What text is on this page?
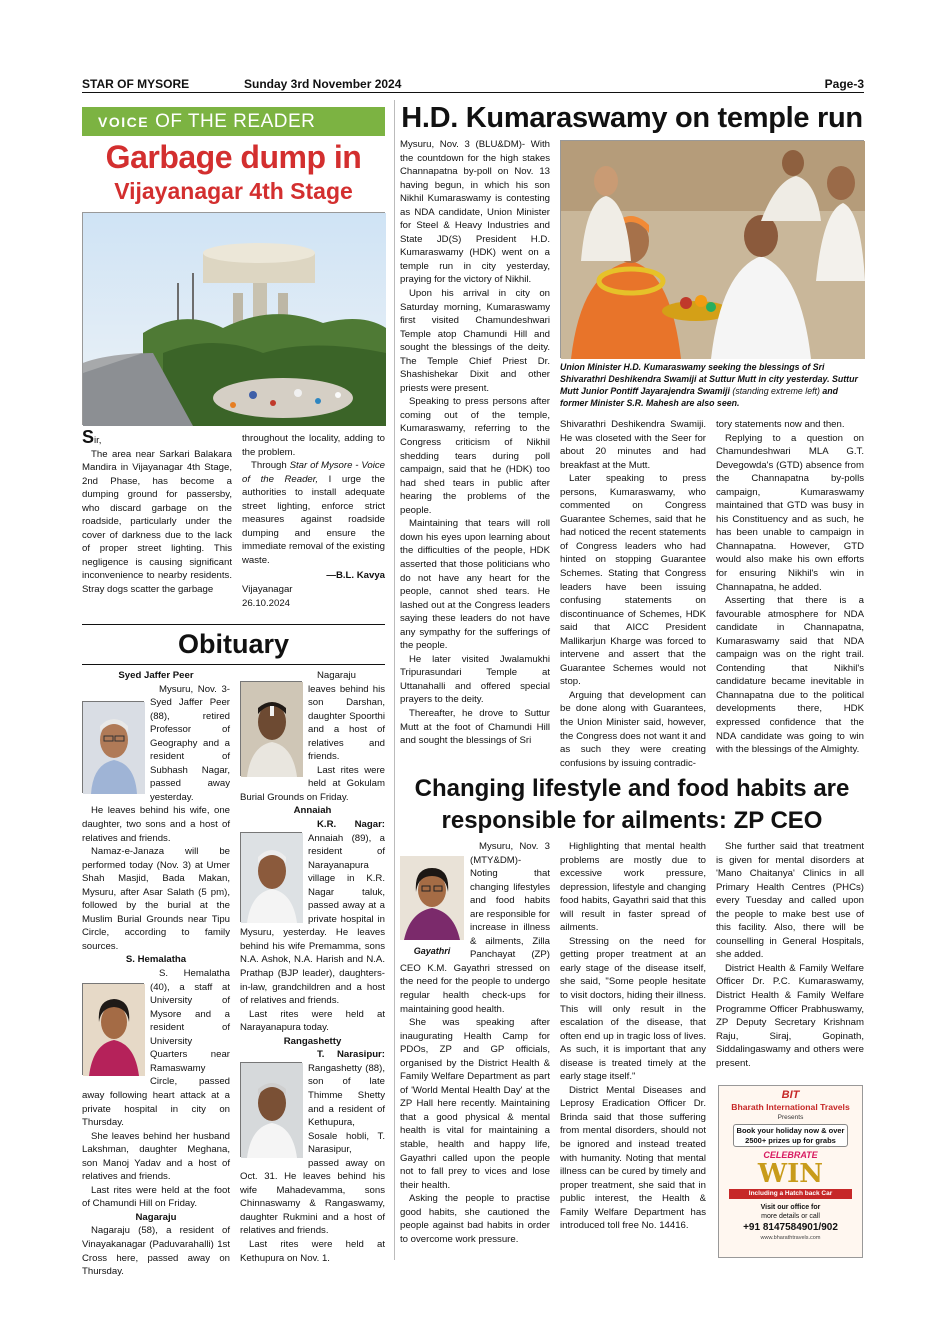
STAR OF MYSORE	Sunday 3rd November 2024	Page-3
VOICE OF THE READER
Garbage dump in
Vijayanagar 4th Stage

Sir,

The area near Sarkari Balakara Mandira in Vijayanagar 4th Stage, 2nd Phase, has become a dumping ground for passersby, who discard garbage on the roadside, particularly under the cover of darkness due to the lack of proper street lighting. This negligence is causing significant inconvenience to nearby residents. Stray dogs scatter the garbage

throughout the locality, adding to the problem.

Through Star of Mysore - Voice of the Reader, I urge the authorities to install adequate street lighting, enforce strict measures against roadside dumping and ensure the immediate removal of the existing waste.

—B.L. Kavya

Vijayanagar

26.10.2024

Obituary

Syed Jaffer Peer

Mysuru, Nov. 3- Syed Jaffer Peer (88), retired Professor of Geography and a resident of Subhash Nagar, passed away yesterday.

He leaves behind his wife, one daughter, two sons and a host of relatives and friends.

Namaz-e-Janaza will be performed today (Nov. 3) at Umer Shah Masjid, Bada Makan, Mysuru, after Asar Salath (5 pm), followed by the burial at the Muslim Burial Grounds near Tipu Circle, according to family sources.

S. Hemalatha

S. Hemalatha (40), a staff at University of Mysore and a resident of University Quarters near Ramaswamy Circle, passed away following heart attack at a private hospital in city on Thursday.

She leaves behind her husband Lakshman, daughter Meghana, son Manoj Yadav and a host of relatives and friends.

Last rites were held at the foot of Chamundi Hill on Friday.

Nagaraju

Nagaraju (58), a resident of Vinayakanagar (Paduvarahalli) 1st Cross here, passed away on Thursday.

Nagaraju leaves behind his son Darshan, daughter Spoorthi and a host of relatives and friends.

Last rites were held at Gokulam Burial Grounds on Friday.

Annaiah

K.R. Nagar: Annaiah (89), a resident of Narayanapura village in K.R. Nagar taluk, passed away at a private hospital in Mysuru, yesterday. He leaves behind his wife Premamma, sons N.A. Ashok, N.A. Harish and N.A. Prathap (BJP leader), daughters-in-law, grandchildren and a host of relatives and friends.

Last rites were held at Narayanapura today.

Rangashetty

T. Narasipur: Rangashetty (88), son of late Thimme Shetty and a resident of Kethupura, Sosale hobli, T. Narasipur, passed away on Oct. 31. He leaves behind his wife Mahadevamma, sons Chinnaswamy & Rangaswamy, daughter Rukmini and a host of relatives and friends.

Last rites were held at Kethupura on Nov. 1.

H.D. Kumaraswamy on temple run
Union Minister H.D. Kumaraswamy seeking the blessings of Sri Shivarathri Deshikendra Swamiji at Suttur Mutt in city yesterday. Suttur Mutt Junior Pontiff Jayarajendra Swamiji (standing extreme left) and former Minister S.R. Mahesh are also seen.

Mysuru, Nov. 3 (BLU&DM)- With the countdown for the high stakes Channapatna by-poll on Nov. 13 having begun, in which his son Nikhil Kumaraswamy is contesting as NDA candidate, Union Minister for Steel & Heavy Industries and State JD(S) President H.D. Kumaraswamy (HDK) went on a temple run in city yesterday, praying for the victory of Nikhil.

Upon his arrival in city on Saturday morning, Kumaraswamy first visited Chamundeshwari Temple atop Chamundi Hill and sought the blessings of the deity. The Temple Chief Priest Dr. Shashishekar Dixit and other priests were present.

Speaking to press persons after coming out of the temple, Kumaraswamy, referring to the Congress criticism of Nikhil shedding tears during poll campaign, said that he (HDK) too had shed tears in public after hearing the problems of the people.

Maintaining that tears will roll down his eyes upon learning about the difficulties of the people, HDK asserted that those politicians who do not have any heart for the people, cannot shed tears. He lashed out at the Congress leaders saying these leaders do not have any sympathy for the sufferings of the people.

He later visited Jwalamukhi Tripurasundari Temple at Uttanahalli and offered special prayers to the deity.

Thereafter, he drove to Suttur Mutt at the foot of Chamundi Hill and sought the blessings of Sri

Shivarathri Deshikendra Swamiji. He was closeted with the Seer for about 20 minutes and had breakfast at the Mutt.

Later speaking to press persons, Kumaraswamy, who commented on Congress Guarantee Schemes, said that he had noticed the recent statements of Congress leaders who had hinted on stopping Guarantee Schemes. Stating that Congress leaders have been issuing confusing statements on discontinuance of Schemes, HDK said that AICC President Mallikarjun Kharge was forced to intervene and assert that the Guarantee Schemes would not stop.

Arguing that development can be done along with Guarantees, the Union Minister said, however, the Congress does not want it and as such they were creating confusions by issuing contradic-

tory statements now and then.

Replying to a question on Chamundeshwari MLA G.T. Devegowda's (GTD) absence from the Channapatna by-polls campaign, Kumaraswamy maintained that GTD was busy in his Constituency and as such, he has been unable to campaign in Channapatna. However, GTD would also make his own efforts for ensuring Nikhil's win in Channapatna, he added.

Asserting that there is a favourable atmosphere for NDA candidate in Channapatna, Kumaraswamy said that NDA campaign was on the right trail. Contending that Nikhil's candidature became inevitable in Channapatna due to the political developments there, HDK expressed confidence that the NDA candidate was going to win with the blessings of the Almighty.

Changing lifestyle and food habits are
responsible for ailments: ZP CEO
Gayathri

Mysuru, Nov. 3 (MTY&DM)- Noting that changing lifestyles and food habits are responsible for increase in illness & ailments, Zilla Panchayat (ZP) CEO K.M. Gayathri stressed on the need for the people to undergo regular health check-ups for maintaining good health.

She was speaking after inaugurating Health Camp for PDOs, ZP and GP officials, organised by the District Health & Family Welfare Department as part of 'World Mental Health Day' at the ZP Hall here recently. Maintaining that a good physical & mental health is vital for maintaining a stable, health and happy life, Gayathri called upon the people not to fall prey to vices and lose their health.

Asking the people to practise good habits, she cautioned the people against bad habits in order to overcome work pressure.

Highlighting that mental health problems are mostly due to excessive work pressure, depression, lifestyle and changing food habits, Gayathri said that this will result in faster spread of ailments.

Stressing on the need for getting proper treatment at an early stage of the disease itself, she said, "Some people hesitate to visit doctors, hiding their illness. This will only result in the escalation of the disease, that often end up in tragic loss of lives. As such, it is important that any disease is treated timely at the early stage itself."

District Mental Diseases and Leprosy Eradication Officer Dr. Brinda said that those suffering from mental disorders, should not be ignored and instead treated with humanity. Noting that mental illness can be cured by timely and proper treatment, she said that in public interest, the Health & Family Welfare Department has introduced toll free No. 14416.

She further said that treatment is given for mental disorders at 'Mano Chaitanya' Clinics in all Primary Health Centres (PHCs) every Tuesday and called upon the people to make best use of this facility. Also, there will be counselling in General Hospitals, she added.

District Health & Family Welfare Officer Dr. P.C. Kumaraswamy, District Health & Family Welfare Programme Officer Prabhuswamy, ZP Deputy Secretary Krishnam Raju, Siraj, Gopinath, Siddalingaswamy and others were present.

BIT
Bharath International Travels
Presents
Book your holiday now & over
2500+ prizes up for grabs
CELEBRATE
WIN
Including a Hatch back Car
Visit our office for
more details or call
+91 8147584901/902
www.bharathtravels.com
